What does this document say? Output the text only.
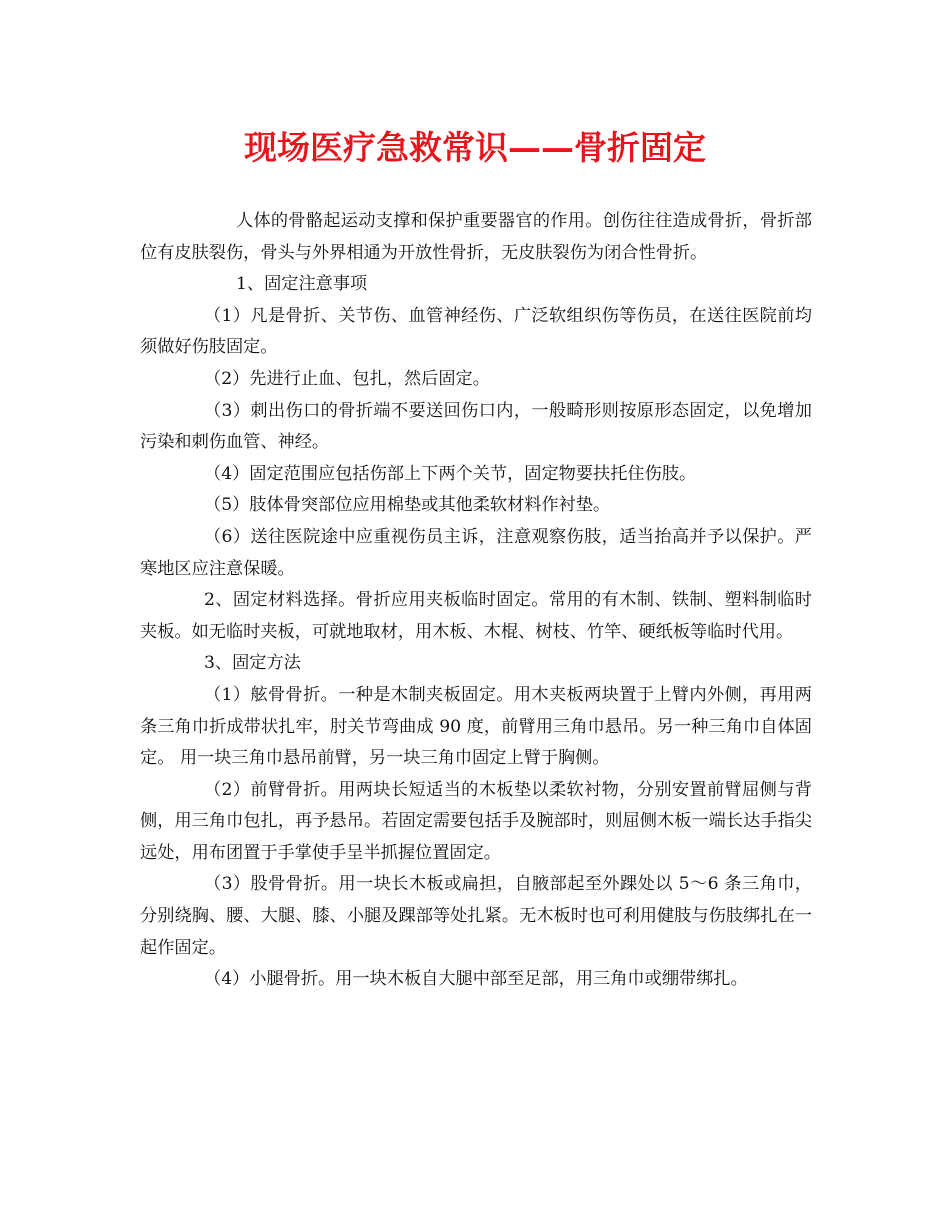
现场医疗急救常识——骨折固定

人体的骨骼起运动支撑和保护重要器官的作用。创伤往往造成骨折，骨折部位有皮肤裂伤，骨头与外界相通为开放性骨折，无皮肤裂伤为闭合性骨折。

1、固定注意事项

（1）凡是骨折、关节伤、血管神经伤、广泛软组织伤等伤员，在送往医院前均须做好伤肢固定。

（2）先进行止血、包扎，然后固定。

（3）刺出伤口的骨折端不要送回伤口内，一般畸形则按原形态固定，以免增加污染和刺伤血管、神经。

（4）固定范围应包括伤部上下两个关节，固定物要扶托住伤肢。

（5）肢体骨突部位应用棉垫或其他柔软材料作衬垫。

（6）送往医院途中应重视伤员主诉，注意观察伤肢，适当抬高并予以保护。严寒地区应注意保暖。

2、固定材料选择。骨折应用夹板临时固定。常用的有木制、铁制、塑料制临时夹板。如无临时夹板，可就地取材，用木板、木棍、树枝、竹竿、硬纸板等临时代用。

3、固定方法

（1）舷骨骨折。一种是木制夹板固定。用木夹板两块置于上臂内外侧，再用两条三角巾折成带状扎牢，肘关节弯曲成 90 度，前臂用三角巾悬吊。另一种三角巾自体固定。 用一块三角巾悬吊前臂，另一块三角巾固定上臂于胸侧。

（2）前臂骨折。用两块长短适当的木板垫以柔软衬物，分别安置前臂屈侧与背侧，用三角巾包扎，再予悬吊。若固定需要包括手及腕部时，则屈侧木板一端长达手指尖远处，用布团置于手掌使手呈半抓握位置固定。

（3）股骨骨折。用一块长木板或扁担，自腋部起至外踝处以 5～6 条三角巾，分别绕胸、腰、大腿、膝、小腿及踝部等处扎紧。无木板时也可利用健肢与伤肢绑扎在一起作固定。

（4）小腿骨折。用一块木板自大腿中部至足部，用三角巾或绷带绑扎。
